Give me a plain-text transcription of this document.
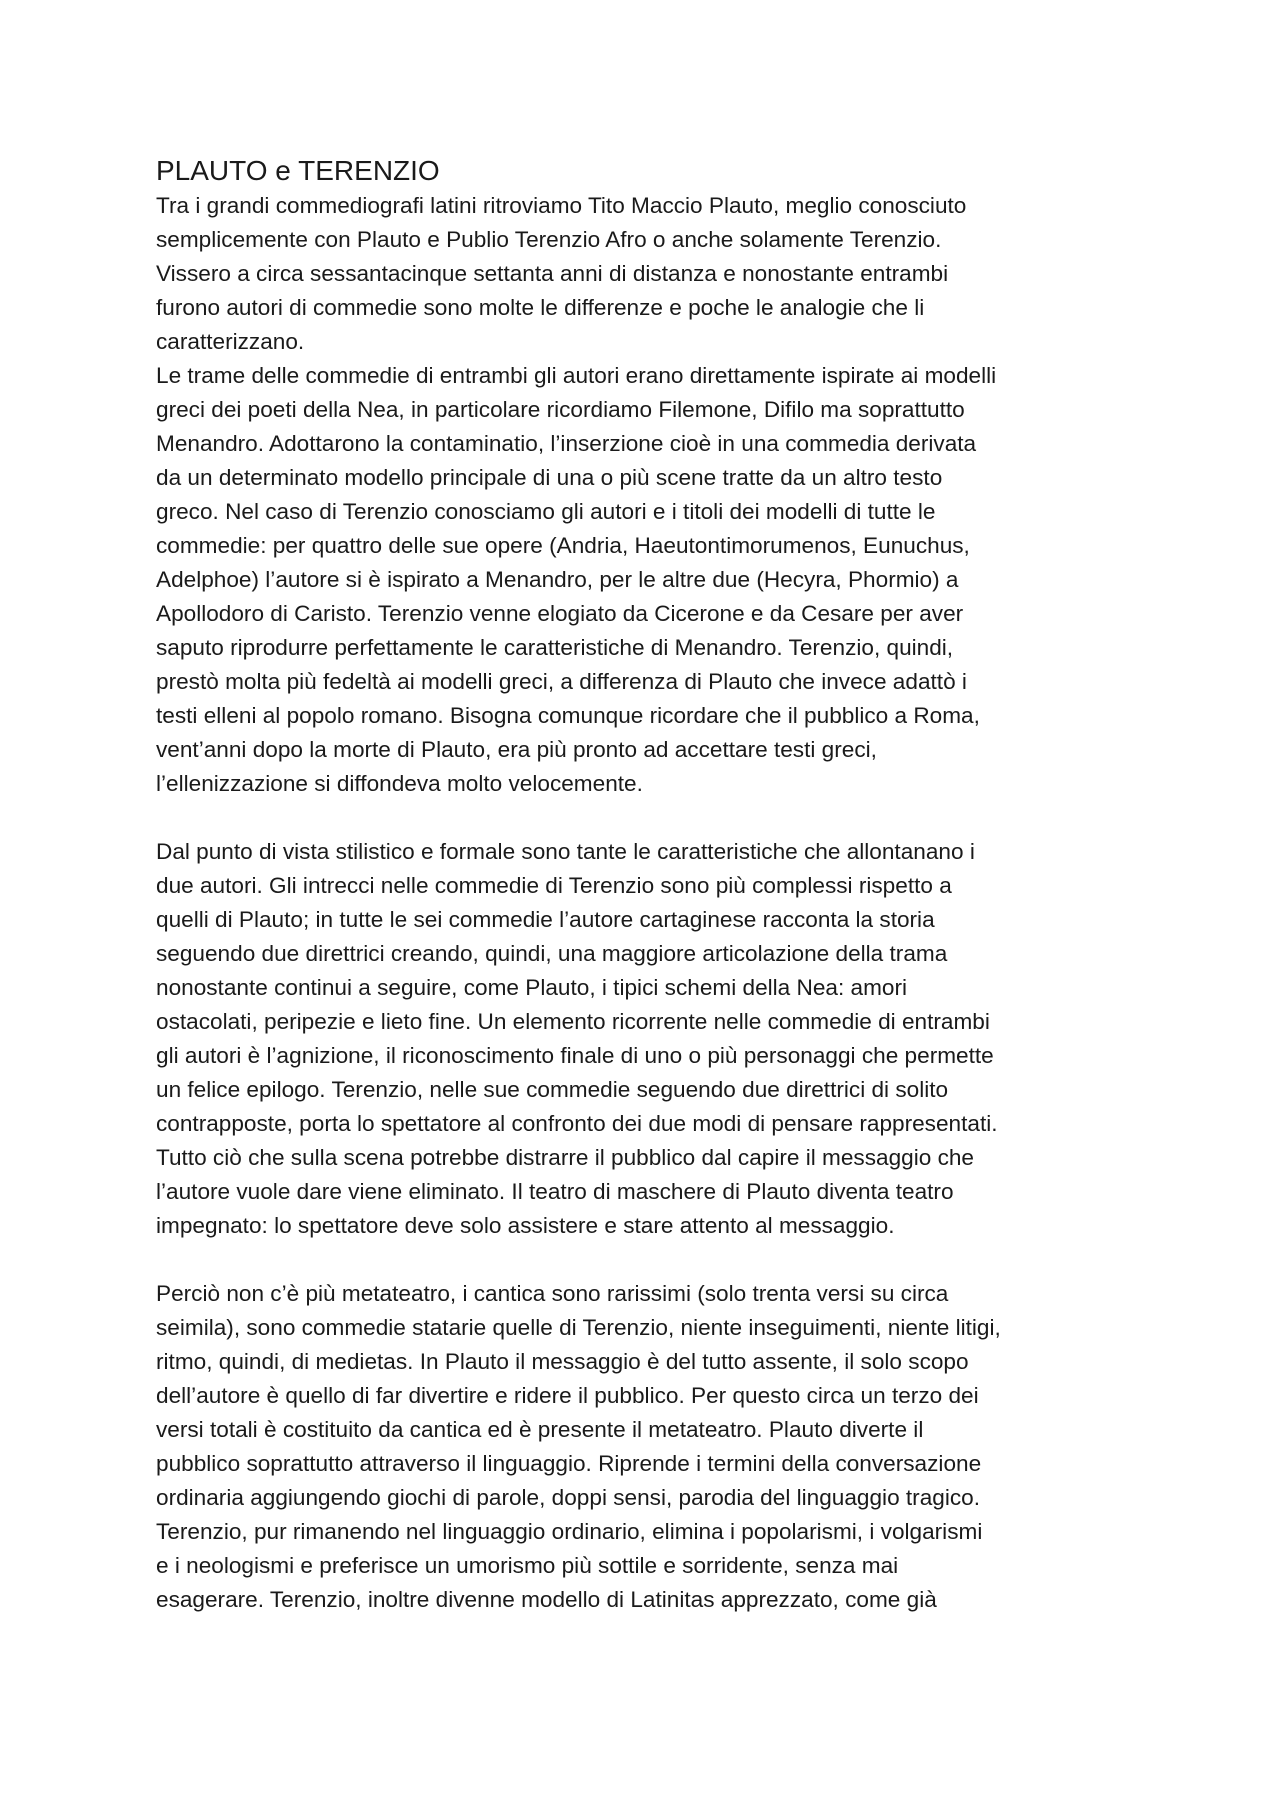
PLAUTO e TERENZIO
Tra i grandi commediografi latini ritroviamo Tito Maccio Plauto, meglio conosciuto
semplicemente con Plauto e Publio Terenzio Afro o anche solamente Terenzio.
Vissero a circa sessantacinque settanta anni di distanza e nonostante entrambi
furono autori di commedie sono molte le differenze e poche le analogie che li
caratterizzano.
Le trame delle commedie di entrambi gli autori erano direttamente ispirate ai modelli
greci dei poeti della Nea, in particolare ricordiamo Filemone, Difilo ma soprattutto
Menandro. Adottarono la contaminatio, l’inserzione cioè in una commedia derivata
da un determinato modello principale di una o più scene tratte da un altro testo
greco. Nel caso di Terenzio conosciamo gli autori e i titoli dei modelli di tutte le
commedie: per quattro delle sue opere (Andria, Haeutontimorumenos, Eunuchus,
Adelphoe) l’autore si è ispirato a Menandro, per le altre due (Hecyra, Phormio) a
Apollodoro di Caristo. Terenzio venne elogiato da Cicerone e da Cesare per aver
saputo riprodurre perfettamente le caratteristiche di Menandro. Terenzio, quindi,
prestò molta più fedeltà ai modelli greci, a differenza di Plauto che invece adattò i
testi elleni al popolo romano. Bisogna comunque ricordare che il pubblico a Roma,
vent’anni dopo la morte di Plauto, era più pronto ad accettare testi greci,
l’ellenizzazione si diffondeva molto velocemente.
Dal punto di vista stilistico e formale sono tante le caratteristiche che allontanano i
due autori. Gli intrecci nelle commedie di Terenzio sono più complessi rispetto a
quelli di Plauto; in tutte le sei commedie l’autore cartaginese racconta la storia
seguendo due direttrici creando, quindi, una maggiore articolazione della trama
nonostante continui a seguire, come Plauto, i tipici schemi della Nea: amori
ostacolati, peripezie e lieto fine. Un elemento ricorrente nelle commedie di entrambi
gli autori è l’agnizione, il riconoscimento finale di uno o più personaggi che permette
un felice epilogo. Terenzio, nelle sue commedie seguendo due direttrici di solito
contrapposte, porta lo spettatore al confronto dei due modi di pensare rappresentati.
Tutto ciò che sulla scena potrebbe distrarre il pubblico dal capire il messaggio che
l’autore vuole dare viene eliminato. Il teatro di maschere di Plauto diventa teatro
impegnato: lo spettatore deve solo assistere e stare attento al messaggio.
Perciò non c’è più metateatro, i cantica sono rarissimi (solo trenta versi su circa
seimila), sono commedie statarie quelle di Terenzio, niente inseguimenti, niente litigi,
ritmo, quindi, di medietas. In Plauto il messaggio è del tutto assente, il solo scopo
dell’autore è quello di far divertire e ridere il pubblico. Per questo circa un terzo dei
versi totali è costituito da cantica ed è presente il metateatro. Plauto diverte il
pubblico soprattutto attraverso il linguaggio. Riprende i termini della conversazione
ordinaria aggiungendo giochi di parole, doppi sensi, parodia del linguaggio tragico.
Terenzio, pur rimanendo nel linguaggio ordinario, elimina i popolarismi, i volgarismi
e i neologismi e preferisce un umorismo più sottile e sorridente, senza mai
esagerare. Terenzio, inoltre divenne modello di Latinitas apprezzato, come già
